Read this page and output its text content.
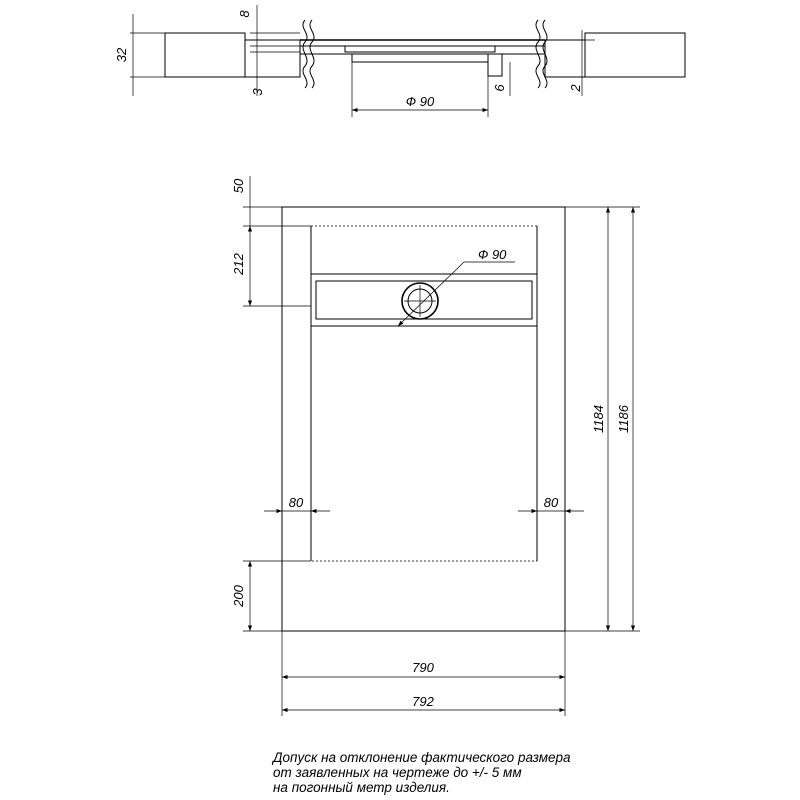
32
8
3
6	2
Ф 90
Ф 90
50
212
200
80	80
1184 1186
790
792
Допуск на отклонение фактического размера
от заявленных на чертеже до +/- 5 мм
на погонный метр изделия.
